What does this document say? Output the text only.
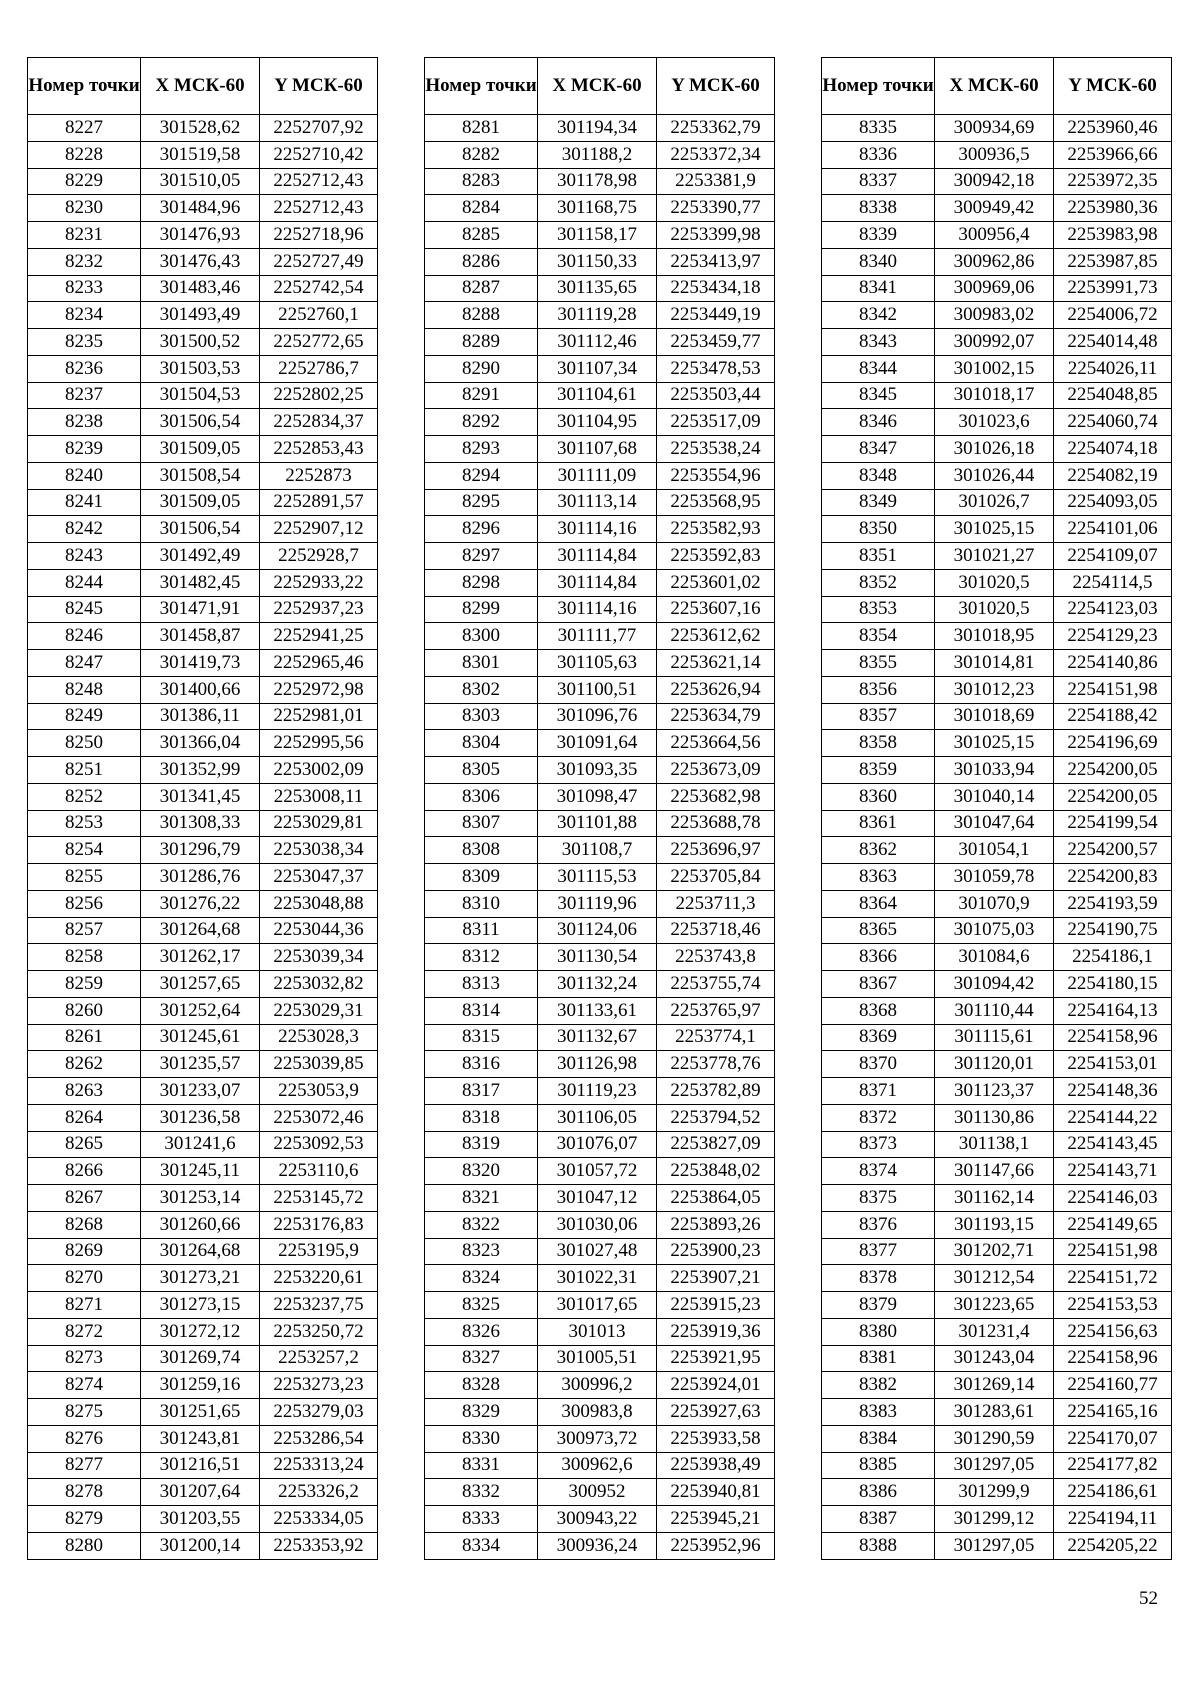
Номер точки	X МСК-60	Y МСК-60
8227	301528,62	2252707,92
8228	301519,58	2252710,42
8229	301510,05	2252712,43
8230	301484,96	2252712,43
8231	301476,93	2252718,96
8232	301476,43	2252727,49
8233	301483,46	2252742,54
8234	301493,49	2252760,1
8235	301500,52	2252772,65
8236	301503,53	2252786,7
8237	301504,53	2252802,25
8238	301506,54	2252834,37
8239	301509,05	2252853,43
8240	301508,54	2252873
8241	301509,05	2252891,57
8242	301506,54	2252907,12
8243	301492,49	2252928,7
8244	301482,45	2252933,22
8245	301471,91	2252937,23
8246	301458,87	2252941,25
8247	301419,73	2252965,46
8248	301400,66	2252972,98
8249	301386,11	2252981,01
8250	301366,04	2252995,56
8251	301352,99	2253002,09
8252	301341,45	2253008,11
8253	301308,33	2253029,81
8254	301296,79	2253038,34
8255	301286,76	2253047,37
8256	301276,22	2253048,88
8257	301264,68	2253044,36
8258	301262,17	2253039,34
8259	301257,65	2253032,82
8260	301252,64	2253029,31
8261	301245,61	2253028,3
8262	301235,57	2253039,85
8263	301233,07	2253053,9
8264	301236,58	2253072,46
8265	301241,6	2253092,53
8266	301245,11	2253110,6
8267	301253,14	2253145,72
8268	301260,66	2253176,83
8269	301264,68	2253195,9
8270	301273,21	2253220,61
8271	301273,15	2253237,75
8272	301272,12	2253250,72
8273	301269,74	2253257,2
8274	301259,16	2253273,23
8275	301251,65	2253279,03
8276	301243,81	2253286,54
8277	301216,51	2253313,24
8278	301207,64	2253326,2
8279	301203,55	2253334,05
8280	301200,14	2253353,92
Номер точки	X МСК-60	Y МСК-60
8281	301194,34	2253362,79
8282	301188,2	2253372,34
8283	301178,98	2253381,9
8284	301168,75	2253390,77
8285	301158,17	2253399,98
8286	301150,33	2253413,97
8287	301135,65	2253434,18
8288	301119,28	2253449,19
8289	301112,46	2253459,77
8290	301107,34	2253478,53
8291	301104,61	2253503,44
8292	301104,95	2253517,09
8293	301107,68	2253538,24
8294	301111,09	2253554,96
8295	301113,14	2253568,95
8296	301114,16	2253582,93
8297	301114,84	2253592,83
8298	301114,84	2253601,02
8299	301114,16	2253607,16
8300	301111,77	2253612,62
8301	301105,63	2253621,14
8302	301100,51	2253626,94
8303	301096,76	2253634,79
8304	301091,64	2253664,56
8305	301093,35	2253673,09
8306	301098,47	2253682,98
8307	301101,88	2253688,78
8308	301108,7	2253696,97
8309	301115,53	2253705,84
8310	301119,96	2253711,3
8311	301124,06	2253718,46
8312	301130,54	2253743,8
8313	301132,24	2253755,74
8314	301133,61	2253765,97
8315	301132,67	2253774,1
8316	301126,98	2253778,76
8317	301119,23	2253782,89
8318	301106,05	2253794,52
8319	301076,07	2253827,09
8320	301057,72	2253848,02
8321	301047,12	2253864,05
8322	301030,06	2253893,26
8323	301027,48	2253900,23
8324	301022,31	2253907,21
8325	301017,65	2253915,23
8326	301013	2253919,36
8327	301005,51	2253921,95
8328	300996,2	2253924,01
8329	300983,8	2253927,63
8330	300973,72	2253933,58
8331	300962,6	2253938,49
8332	300952	2253940,81
8333	300943,22	2253945,21
8334	300936,24	2253952,96
Номер точки	X МСК-60	Y МСК-60
8335	300934,69	2253960,46
8336	300936,5	2253966,66
8337	300942,18	2253972,35
8338	300949,42	2253980,36
8339	300956,4	2253983,98
8340	300962,86	2253987,85
8341	300969,06	2253991,73
8342	300983,02	2254006,72
8343	300992,07	2254014,48
8344	301002,15	2254026,11
8345	301018,17	2254048,85
8346	301023,6	2254060,74
8347	301026,18	2254074,18
8348	301026,44	2254082,19
8349	301026,7	2254093,05
8350	301025,15	2254101,06
8351	301021,27	2254109,07
8352	301020,5	2254114,5
8353	301020,5	2254123,03
8354	301018,95	2254129,23
8355	301014,81	2254140,86
8356	301012,23	2254151,98
8357	301018,69	2254188,42
8358	301025,15	2254196,69
8359	301033,94	2254200,05
8360	301040,14	2254200,05
8361	301047,64	2254199,54
8362	301054,1	2254200,57
8363	301059,78	2254200,83
8364	301070,9	2254193,59
8365	301075,03	2254190,75
8366	301084,6	2254186,1
8367	301094,42	2254180,15
8368	301110,44	2254164,13
8369	301115,61	2254158,96
8370	301120,01	2254153,01
8371	301123,37	2254148,36
8372	301130,86	2254144,22
8373	301138,1	2254143,45
8374	301147,66	2254143,71
8375	301162,14	2254146,03
8376	301193,15	2254149,65
8377	301202,71	2254151,98
8378	301212,54	2254151,72
8379	301223,65	2254153,53
8380	301231,4	2254156,63
8381	301243,04	2254158,96
8382	301269,14	2254160,77
8383	301283,61	2254165,16
8384	301290,59	2254170,07
8385	301297,05	2254177,82
8386	301299,9	2254186,61
8387	301299,12	2254194,11
8388	301297,05	2254205,22
52
